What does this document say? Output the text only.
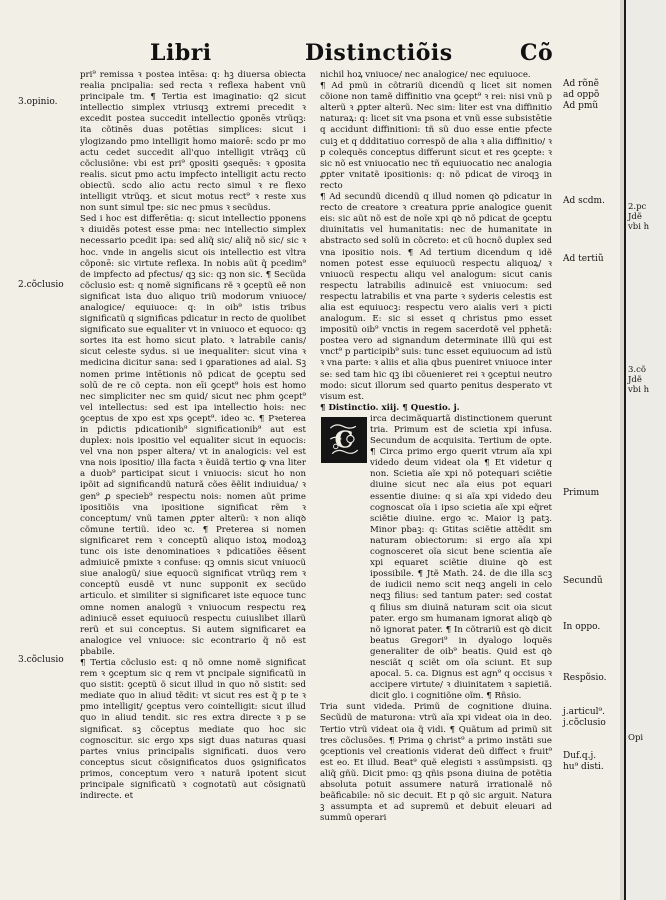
Libri	Distinctiõis	Cõ
3.opinio.
2.cõclusio
3.cõclusio

pri⁹ remissa ꝛ postea intēsa: q: hꝫ diuersa obiecta realia pncipalia: sed recta ꝛ reflexa habent vnũ principale tm. ¶ Tertia est imaginatio: q2 sicut intellectio simplex vtriusqꝫ extremi precedit ꝛ excedit postea succedit intellectio ꝯponēs vtrũqꝫ: ita cõtinēs duas potētias simplices: sicut i ylogizando pmo intelligit homo maiorē: scdo pr mo actu cedet succedit all'quo intelligit vtrãqꝫ cũ cõclusiõne: vbi est pri⁹ ꝯpositi ꝯsequēs: ꝛ ꝯposita realis. sicut pmo actu impfecto intelligit actu recto obiectũ. scdo alio actu recto simul ꝛ re flexo intelligit vtrũqꝫ. et sicut motus rect⁹ ꝛ reste xus non sunt simul tpe: sic nec pmus ꝛ secũdus.

Sed i hoc est differētia: q: sicut intellectio pponens ꝛ diuidēs potest esse pma: nec intellectio simplex necessario pcedit ipa: sed aliq̃ sic/ aliq̃ nõ sic/ sic ꝛ hoc. vnde in angelis sicut ois intellectio est vltra cõponē: sic virtute reflexa. In nobis aũt q̃ pcedim⁹ de impfecto ad pfectus/ qꝫ sic: qꝫ non sic. ¶ Secũda cõclusio est: q nomẽ significans rẽ ꝛ ꝯceptũ eẽ non significat ista duo aliquo triũ modorum vniuoce/ analogice/ equiuoce: q: in oib⁹ istis tribus significatũ q significas pdicatur in recto de quolibet significato sue equaliter vt in vniuoco et equoco: qꝫ sortes ita est homo sicut plato. ꝛ latrabile canis/ sicut celeste sydus. si ue inequaliter: sicut vina ꝛ medicina dicitur sana: sed i ꝯparationes ad aial. Sꝫ nomen prime intētionis nõ pdicat de ꝯceptu sed solū de re cõ cepta. non eīi ꝯcept⁹ hois est homo nec simpliciter nec sm quid/ sicut nec phm ꝯcept⁹ vel intellectus: sed est ipa intellectio hois: nec ꝯceptus de xpo est xps ꝯcept⁹. ideo ꝛc. ¶ Pꝛeterea in pdictis pdicationib⁹ significationib⁹ aut est duplex: nois ipositio vel equaliter sicut in equocis: vel vna non psper altera/ vt in analogicis: vel est vna nois ipositio/ illa facta ꝛ ẽuidã tertio ꝙ vna liter a duob⁹ participat sicut i vniuocis: sicut ho non ipõit ad significandũ naturã cões ẽẽlit indiuidua/ ꝛ gen⁹ ꝓ specieb⁹ respectu nois: nomen aũt prime ipositiõis vna ipositione significat rẽm ꝛ conceptum/ vnũ tamen ꝓpter alterũ: ꝛ non aliqꝺ cõmune tertiũ. ideo ꝛc. ¶ Preterea si nomen significaret rem ꝛ conceptũ aliquo istoꝝ modoꝝꝫ tunc ois iste denominatioes ꝛ pdicatiões ẽẽsent admiuicẽ pmixte ꝛ confuse: qꝫ omnis sicut vniuocũ siue analogũ/ siue equocũ significat vtrũqꝫ rem ꝛ conceptũ eusdẽ vt nunc supponit ex secũdo articulo. et similiter si significaret iste equoce tunc omne nomen analogũ ꝛ vniuocum respectu reꝝ adiniucẽ esset equiuocũ respectu cuiuslibet illarũ rerũ et sui conceptus. Si autem significaret ea analogice vel vniuoce: sic econtrario q̃ nõ est pbabile.

¶ Tertia cõclusio est: q nõ omne nomẽ significat rem ꝛ ꝯceptum sic q rem vt pncipale significatũ in quo sistit: ꝯceptũ õ sicut illud in quo nõ sistit: sed mediate quo in aliud tẽdit: vt sicut res est q̃ p te ꝛ pmo intelligit/ ꝯceptus vero cointelligit: sicut illud quo in aliud tendit. sic res extra directe ꝛ p se significat. sꝫ cõceptus mediate quo hoc sic cognoscitur. sic ergo xps sigt duas naturas quasi partes vnius principalis significati. duos vero conceptus sicut cõsignificatos duos ꝯsignificatos primos, conceptum vero ꝛ naturã ipotent sicut principale significatũ ꝛ cognotatũ aut cõsignatũ indirecte. et

nichil hoꝝ vniuoce/ nec analogice/ nec equiuoce.

¶ Ad pmũ in cõtrariũ dicendũ q licet sit nomen cõione non tamẽ diffinitio vna ꝯcept⁹ ꝛ rei: nisi vnũ p alterũ ꝛ ꝓpter alterũ. Nec sim: liter est vna diffinitio naturaꝝ: q: licet sit vna psona et vnũ esse subsistētie q accidunt diffinitioni: tñ sũ duo esse entie pfecte cuiꝫ et q ddditatiuo correspõ de alia ꝛ alia diffinitio/ ꝛ p colequẽs conceptus differunt sicut et res ꝯcepte: ꝛ sic nõ est vniuocatio nec tñ equiuocatio nec analogia ꝓpter vnitatẽ ipositionis: q: nõ pdicat de viroqꝫ in recto

¶ Ad secundũ dicendũ q illud nomen qꝺ pdicatur in recto de creatore ꝛ creatura pprie analogice ꝯuenit eis: sic aũt nõ est de noĩe xpi qꝺ nõ pdicat de ꝯceptu diuinitatis vel humanitatis: nec de humanitate in abstracto sed solũ in cõcreto: et cũ hocnõ duplex sed vna ipositio nois. ¶ Ad tertium dicendum q idẽ nomen potest esse equiuocũ respectu aliquoꝝ/ ꝛ vniuocũ respectu aliqu vel analogum: sicut canis respectu latrabilis adinuicẽ est vniuocum: sed respectu latrabilis et vna parte ꝛ syderis celestis est alia est equiuocꝫ: respectu vero aialis veri ꝛ picti analogum. E: sic si esset q christus pmo esset impositũ oib⁹ vnctis in regem sacerdotẽ vel pphetã: postea vero ad signandum determinate illũ qui est vnct⁹ p participib⁹ suis: tunc esset equiuocum ad istũ ꝛ vna parte: ꝛ aliis et alia qbus pueniret vniuoce inter se: sed tam hic qꝫ ibi cõuenieret rei ꝛ ꝯceptui neutro modo: sicut illorum sed quarto penitus desperato vt visum est.

¶ Distinctio. xiij. ¶ Questio. j.

irca decimãquartã distinctionem querunt tria. Primum est de scietia xpi infusa. Secundum de acquisita. Tertium de opte. ¶ Circa primo ergo querit vtrum aĩa xpi videdo deum videat ola ¶ Et videtur q non. Scietia aĩe xpi nõ potequari sciẽtie diuine sicut nec aĩa eius pot equari essentie diuine: q si aĩa xpi videdo deu cognoscat oĩa i ipso scietia aĩe xpi eq̃ret sciẽtie diuine. ergo ꝛc. Maior iꝫ patꝫ. Minor pbaꝫ: q: Gtitas sciẽtie attẽdit sm naturam obiectorum: si ergo aĩa xpi cognosceret oĩa sicut bene scientia aĩe xpi equaret sciẽtie diuine qꝺ est ipossibile. ¶ Jtẽ Math. 24. de die illa scꝫ de iudicii nemo scit neqꝫ angeli in celo neqꝫ filius: sed tantum pater: sed costat q filius sm diuinã naturam scit oia sicut pater. ergo sm humanam ignorat aliqꝺ qꝺ nõ ignorat pater. ¶ In cõtrariũ est qꝺ dicit beatus Gregori⁹ in dyalogo loquẽs generaliter de oib⁹ beatis. Quid est qꝺ nesciãt q sciẽt om oĩa sciunt. Et sup apocal. 5. ca. Dignus est agn⁹ q occisus ꝛ accipere virtute/ ꝛ diuinitatem ꝛ sapietiã. dicit glo. i cognitiõne oĩm. ¶ Rñsio.

Tria sunt videda. Primũ de cognitione diuina. Secũdũ de maturona: vtrũ aĩa xpi videat oia in deo. Tertio vtrũ videat oia q̃ vidi. ¶ Quãtum ad primũ sit tres cõclusões. ¶ Prima ꝯ christ⁹ a primo instãti sue ꝯceptionis vel creationis viderat deũ diffect ꝛ fruit⁹ est eo. Et illud. Beat⁹ quẽ elegisti ꝛ assũmpsisti. qꝫ aliq̃ gñũ. Dicit pmo: qꝫ qñis psona diuina de potẽtia absoluta potuit assumere naturã irrationalẽ nõ beãficabile: nõ sic decuit. Et p qõ sic arguit. Natura ꝫ assumpta et ad supremũ et debuit eleuari ad summũ operari

C
Ad rõnẽ
ad oppõ
Ad pmũ
Ad scdm.
Ad tertiũ
Primum
Secundũ
In oppo.
Respõsio.
j.articul⁹.
j.cõclusio
Duf.q.j.
hu⁹ disti.
2.pc
Jdẽ
vbi h
3.cõ
Jdẽ
vbi h
Opi
